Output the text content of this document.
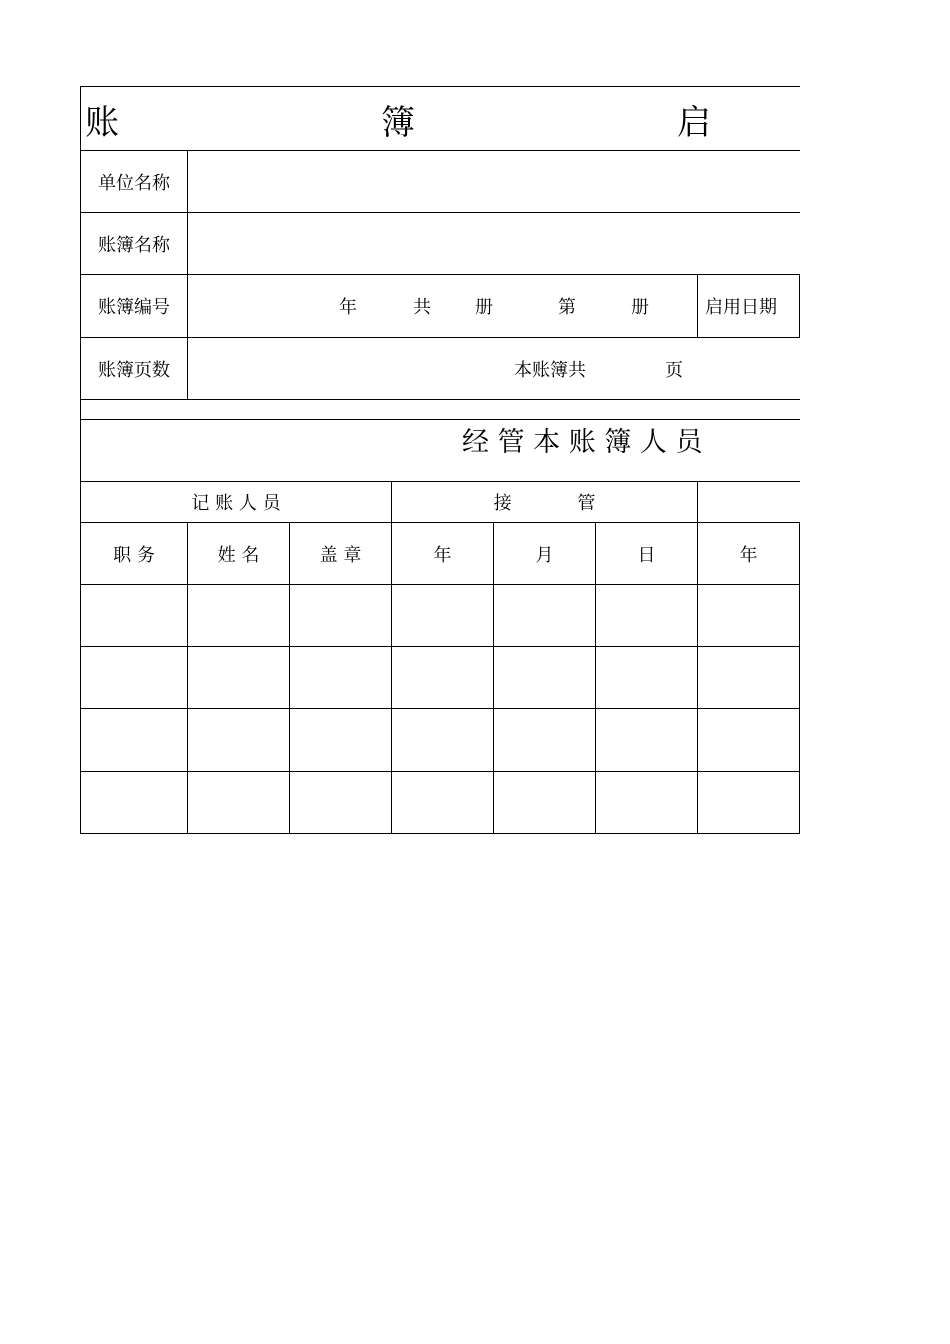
账	簿	启
单位名称
账簿名称
账簿编号	年	共 册	第	册	启用日期
账簿页数	本账簿共	页
经 管 本 账 簿 人 员
记 账 人 员	接 管
职 务	姓 名	盖 章	年	月	日	年
